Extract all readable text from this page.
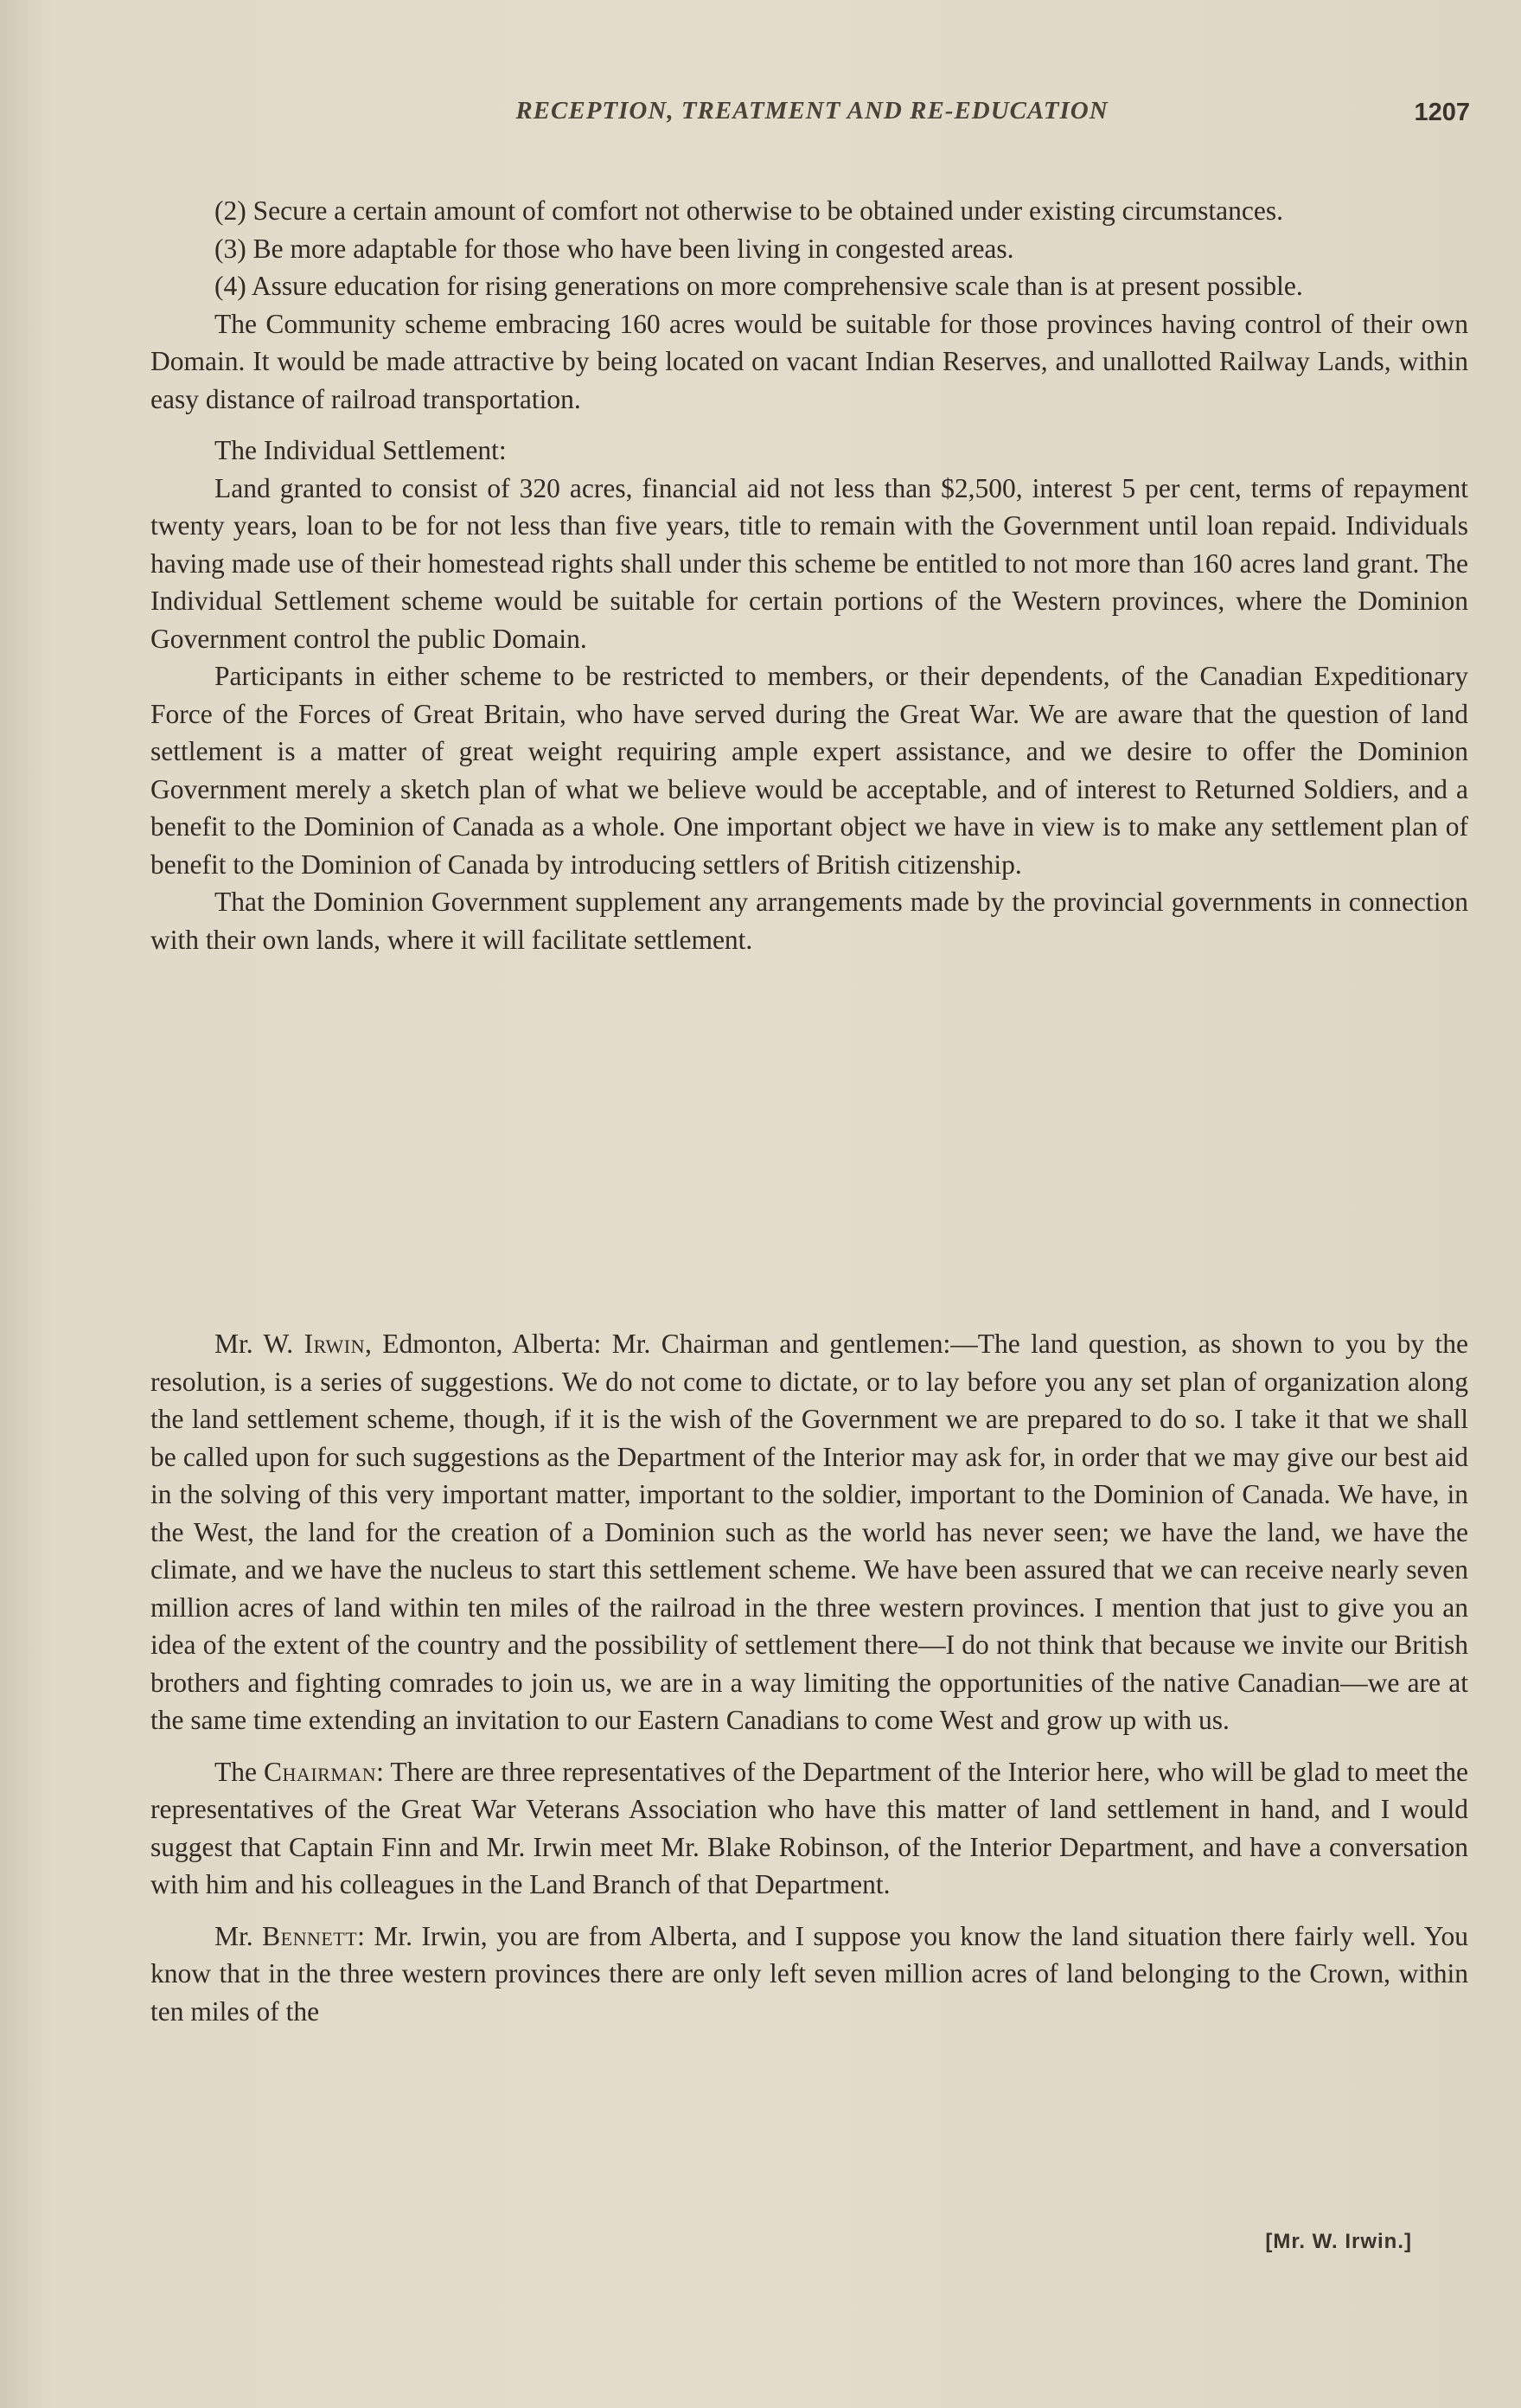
RECEPTION, TREATMENT AND RE-EDUCATION	1207

(2) Secure a certain amount of comfort not otherwise to be obtained under existing circumstances.

(3) Be more adaptable for those who have been living in congested areas.

(4) Assure education for rising generations on more comprehensive scale than is at present possible.

The Community scheme embracing 160 acres would be suitable for those provinces having control of their own Domain. It would be made attractive by being located on vacant Indian Reserves, and unallotted Railway Lands, within easy distance of railroad transportation.

The Individual Settlement:

Land granted to consist of 320 acres, financial aid not less than $2,500, interest 5 per cent, terms of repayment twenty years, loan to be for not less than five years, title to remain with the Government until loan repaid. Individuals having made use of their homestead rights shall under this scheme be entitled to not more than 160 acres land grant. The Individual Settlement scheme would be suitable for certain portions of the Western provinces, where the Dominion Government control the public Domain.

Participants in either scheme to be restricted to members, or their dependents, of the Canadian Expeditionary Force of the Forces of Great Britain, who have served during the Great War. We are aware that the question of land settlement is a matter of great weight requiring ample expert assistance, and we desire to offer the Dominion Government merely a sketch plan of what we believe would be acceptable, and of interest to Returned Soldiers, and a benefit to the Dominion of Canada as a whole. One important object we have in view is to make any settlement plan of benefit to the Dominion of Canada by introducing settlers of British citizenship.

That the Dominion Government supplement any arrangements made by the provincial governments in connection with their own lands, where it will facilitate settlement.

Mr. W. Irwin, Edmonton, Alberta: Mr. Chairman and gentlemen:—The land question, as shown to you by the resolution, is a series of suggestions. We do not come to dictate, or to lay before you any set plan of organization along the land settlement scheme, though, if it is the wish of the Government we are prepared to do so. I take it that we shall be called upon for such suggestions as the Department of the Interior may ask for, in order that we may give our best aid in the solving of this very important matter, important to the soldier, important to the Dominion of Canada. We have, in the West, the land for the creation of a Dominion such as the world has never seen; we have the land, we have the climate, and we have the nucleus to start this settlement scheme. We have been assured that we can receive nearly seven million acres of land within ten miles of the railroad in the three western provinces. I mention that just to give you an idea of the extent of the country and the possibility of settlement there—I do not think that because we invite our British brothers and fighting comrades to join us, we are in a way limiting the opportunities of the native Canadian—we are at the same time extending an invitation to our Eastern Canadians to come West and grow up with us.

The Chairman: There are three representatives of the Department of the Interior here, who will be glad to meet the representatives of the Great War Veterans Association who have this matter of land settlement in hand, and I would suggest that Captain Finn and Mr. Irwin meet Mr. Blake Robinson, of the Interior Department, and have a conversation with him and his colleagues in the Land Branch of that Department.

Mr. Bennett: Mr. Irwin, you are from Alberta, and I suppose you know the land situation there fairly well. You know that in the three western provinces there are only left seven million acres of land belonging to the Crown, within ten miles of the

[Mr. W. Irwin.]
